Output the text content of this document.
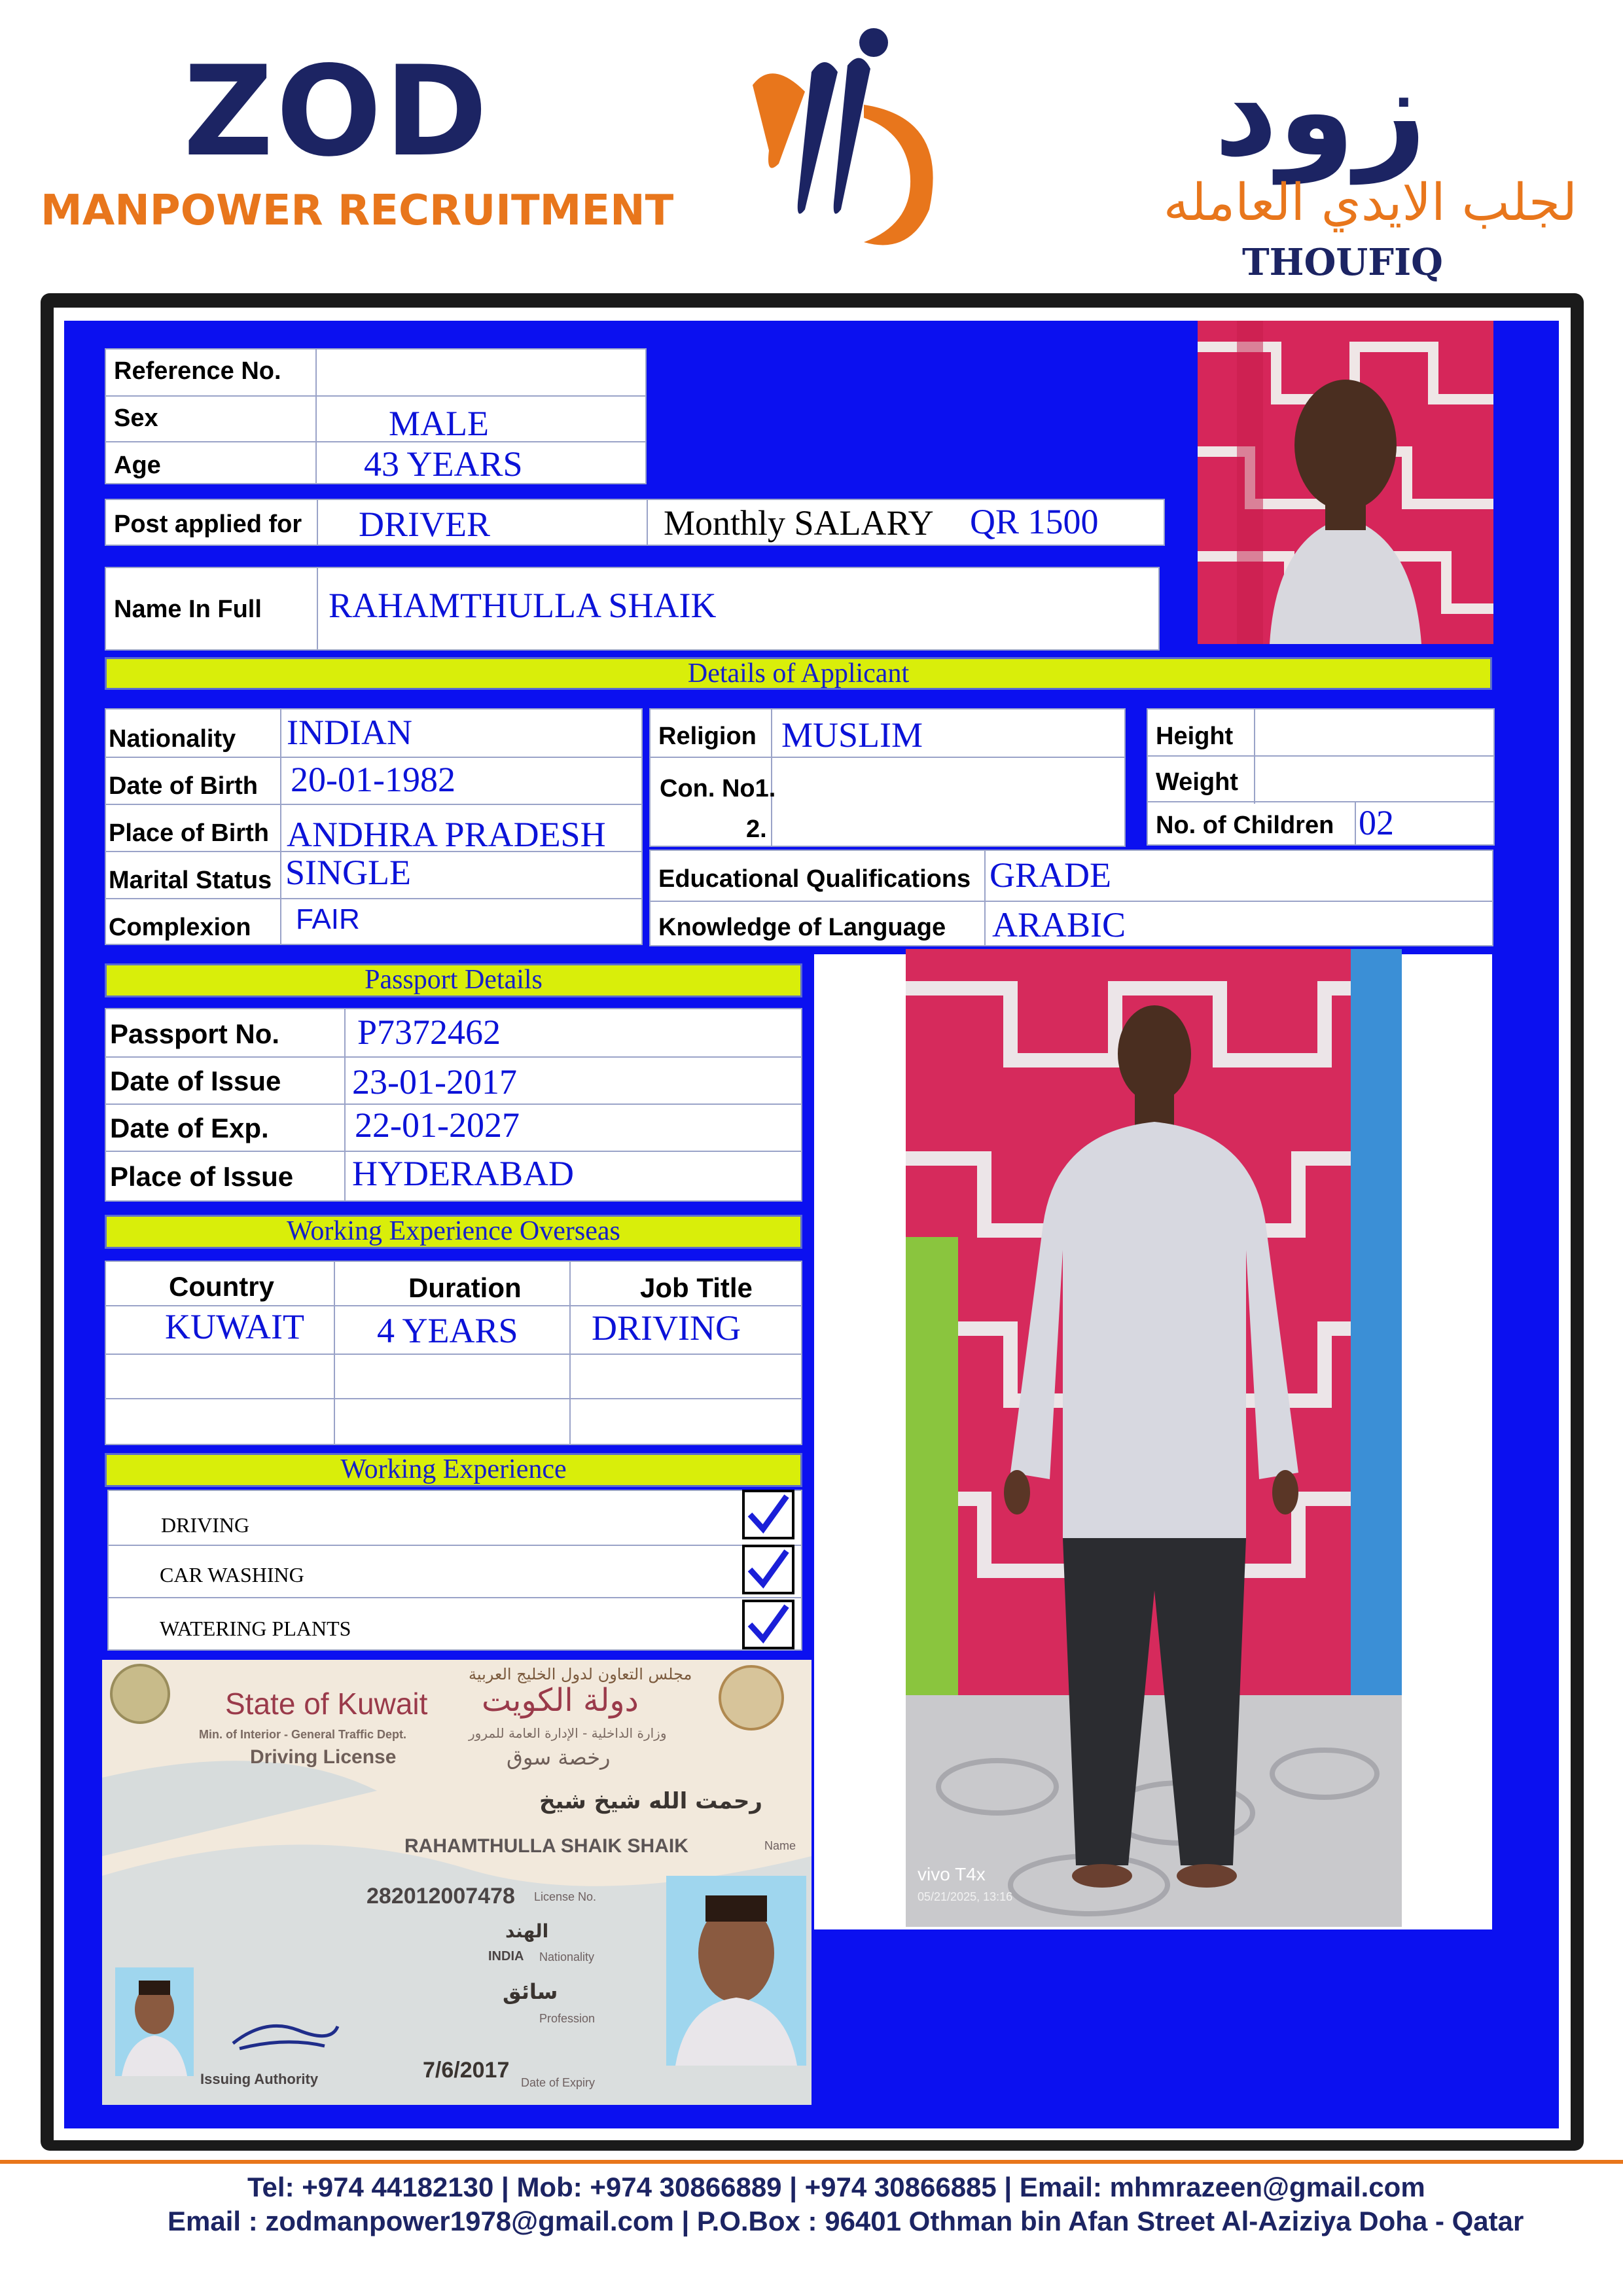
ZOD
MANPOWER RECRUITMENT
زود
لجلب الايدي العامله
THOUFIQ
Reference No.
Sex	MALE
Age	43 YEARS
Post applied for DRIVER	Monthly SALARY QR 1500
Name In Full RAHAMTHULLA SHAIK
Details of Applicant
Nationality INDIAN
Date of Birth 20-01-1982
Place of Birth ANDHRA PRADESH
Marital Status SINGLE
Complexion FAIR
Religion MUSLIM
Con. No1.
2.
Height
Weight
No. of Children 02
Educational Qualifications GRADE
Knowledge of Language ARABIC
Passport Details
Passport No. P7372462
Date of Issue 23-01-2017
Date of Exp. 22-01-2027
Place of Issue HYDERABAD
Working Experience Overseas
Country	Duration	Job Title
KUWAIT 4 YEARS DRIVING
Working Experience
DRIVING
CAR WASHING
WATERING PLANTS
مجلس التعاون لدول الخليج العربية
State of Kuwait دولة الكويت
Min. of Interior - General Traffic Dept.	وزارة الداخلية - الإدارة العامة للمرور
Driving License	رخصة سوق
رحمت الله شيخ شيخ
RAHAMTHULLA SHAIK SHAIK	Name
282012007478 License No.
الهند
INDIA Nationality
سائق
Profession
7/6/2017 Date of Expiry
Issuing Authority
vivo T4x
05/21/2025, 13:16
Tel: +974 44182130 | Mob: +974 30866889 | +974 30866885 | Email: mhmrazeen@gmail.com
Email : zodmanpower1978@gmail.com | P.O.Box : 96401 Othman bin Afan Street Al-Aziziya Doha - Qatar
